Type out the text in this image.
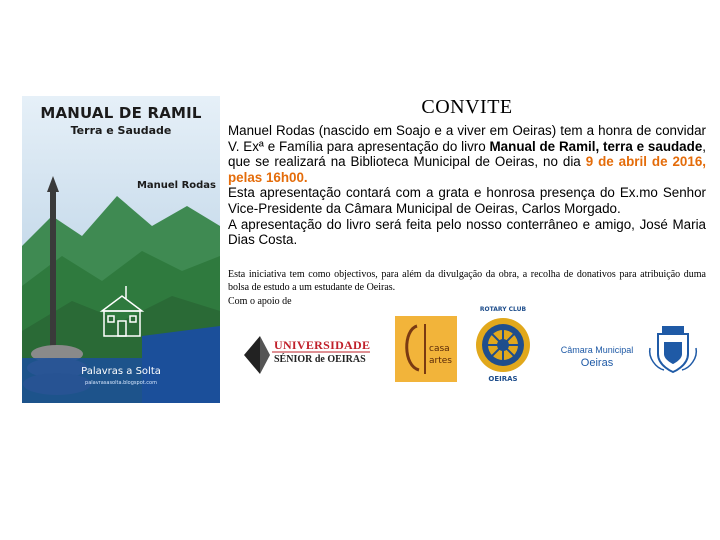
MANUAL DE RAMIL
Terra e Saudade
Manuel Rodas
Palavras a Solta
palavrasasolta.blogspot.com
CONVITE

Manuel Rodas (nascido em Soajo e a viver em Oeiras) tem a honra de convidar V. Exª e Família para apresentação do livro Manual de Ramil, terra e saudade, que se realizará na Biblioteca Municipal de Oeiras, no dia 9 de abril de 2016, pelas 16h00.

Esta apresentação contará com a grata e honrosa presença do Ex.mo Senhor Vice-Presidente da Câmara Municipal de Oeiras, Carlos Morgado.

A apresentação do livro será feita pelo nosso conterrâneo e amigo, José Maria Dias Costa.

Esta iniciativa tem como objectivos, para além da divulgação da obra, a recolha de donativos para atribuição duma bolsa de estudo a um estudante de Oeiras.
Com o apoio de
UNIVERSIDADE
SÉNIOR de OEIRAS
casa
artes
ROTARY CLUB
OEIRAS
Câmara Municipal
Oeiras
